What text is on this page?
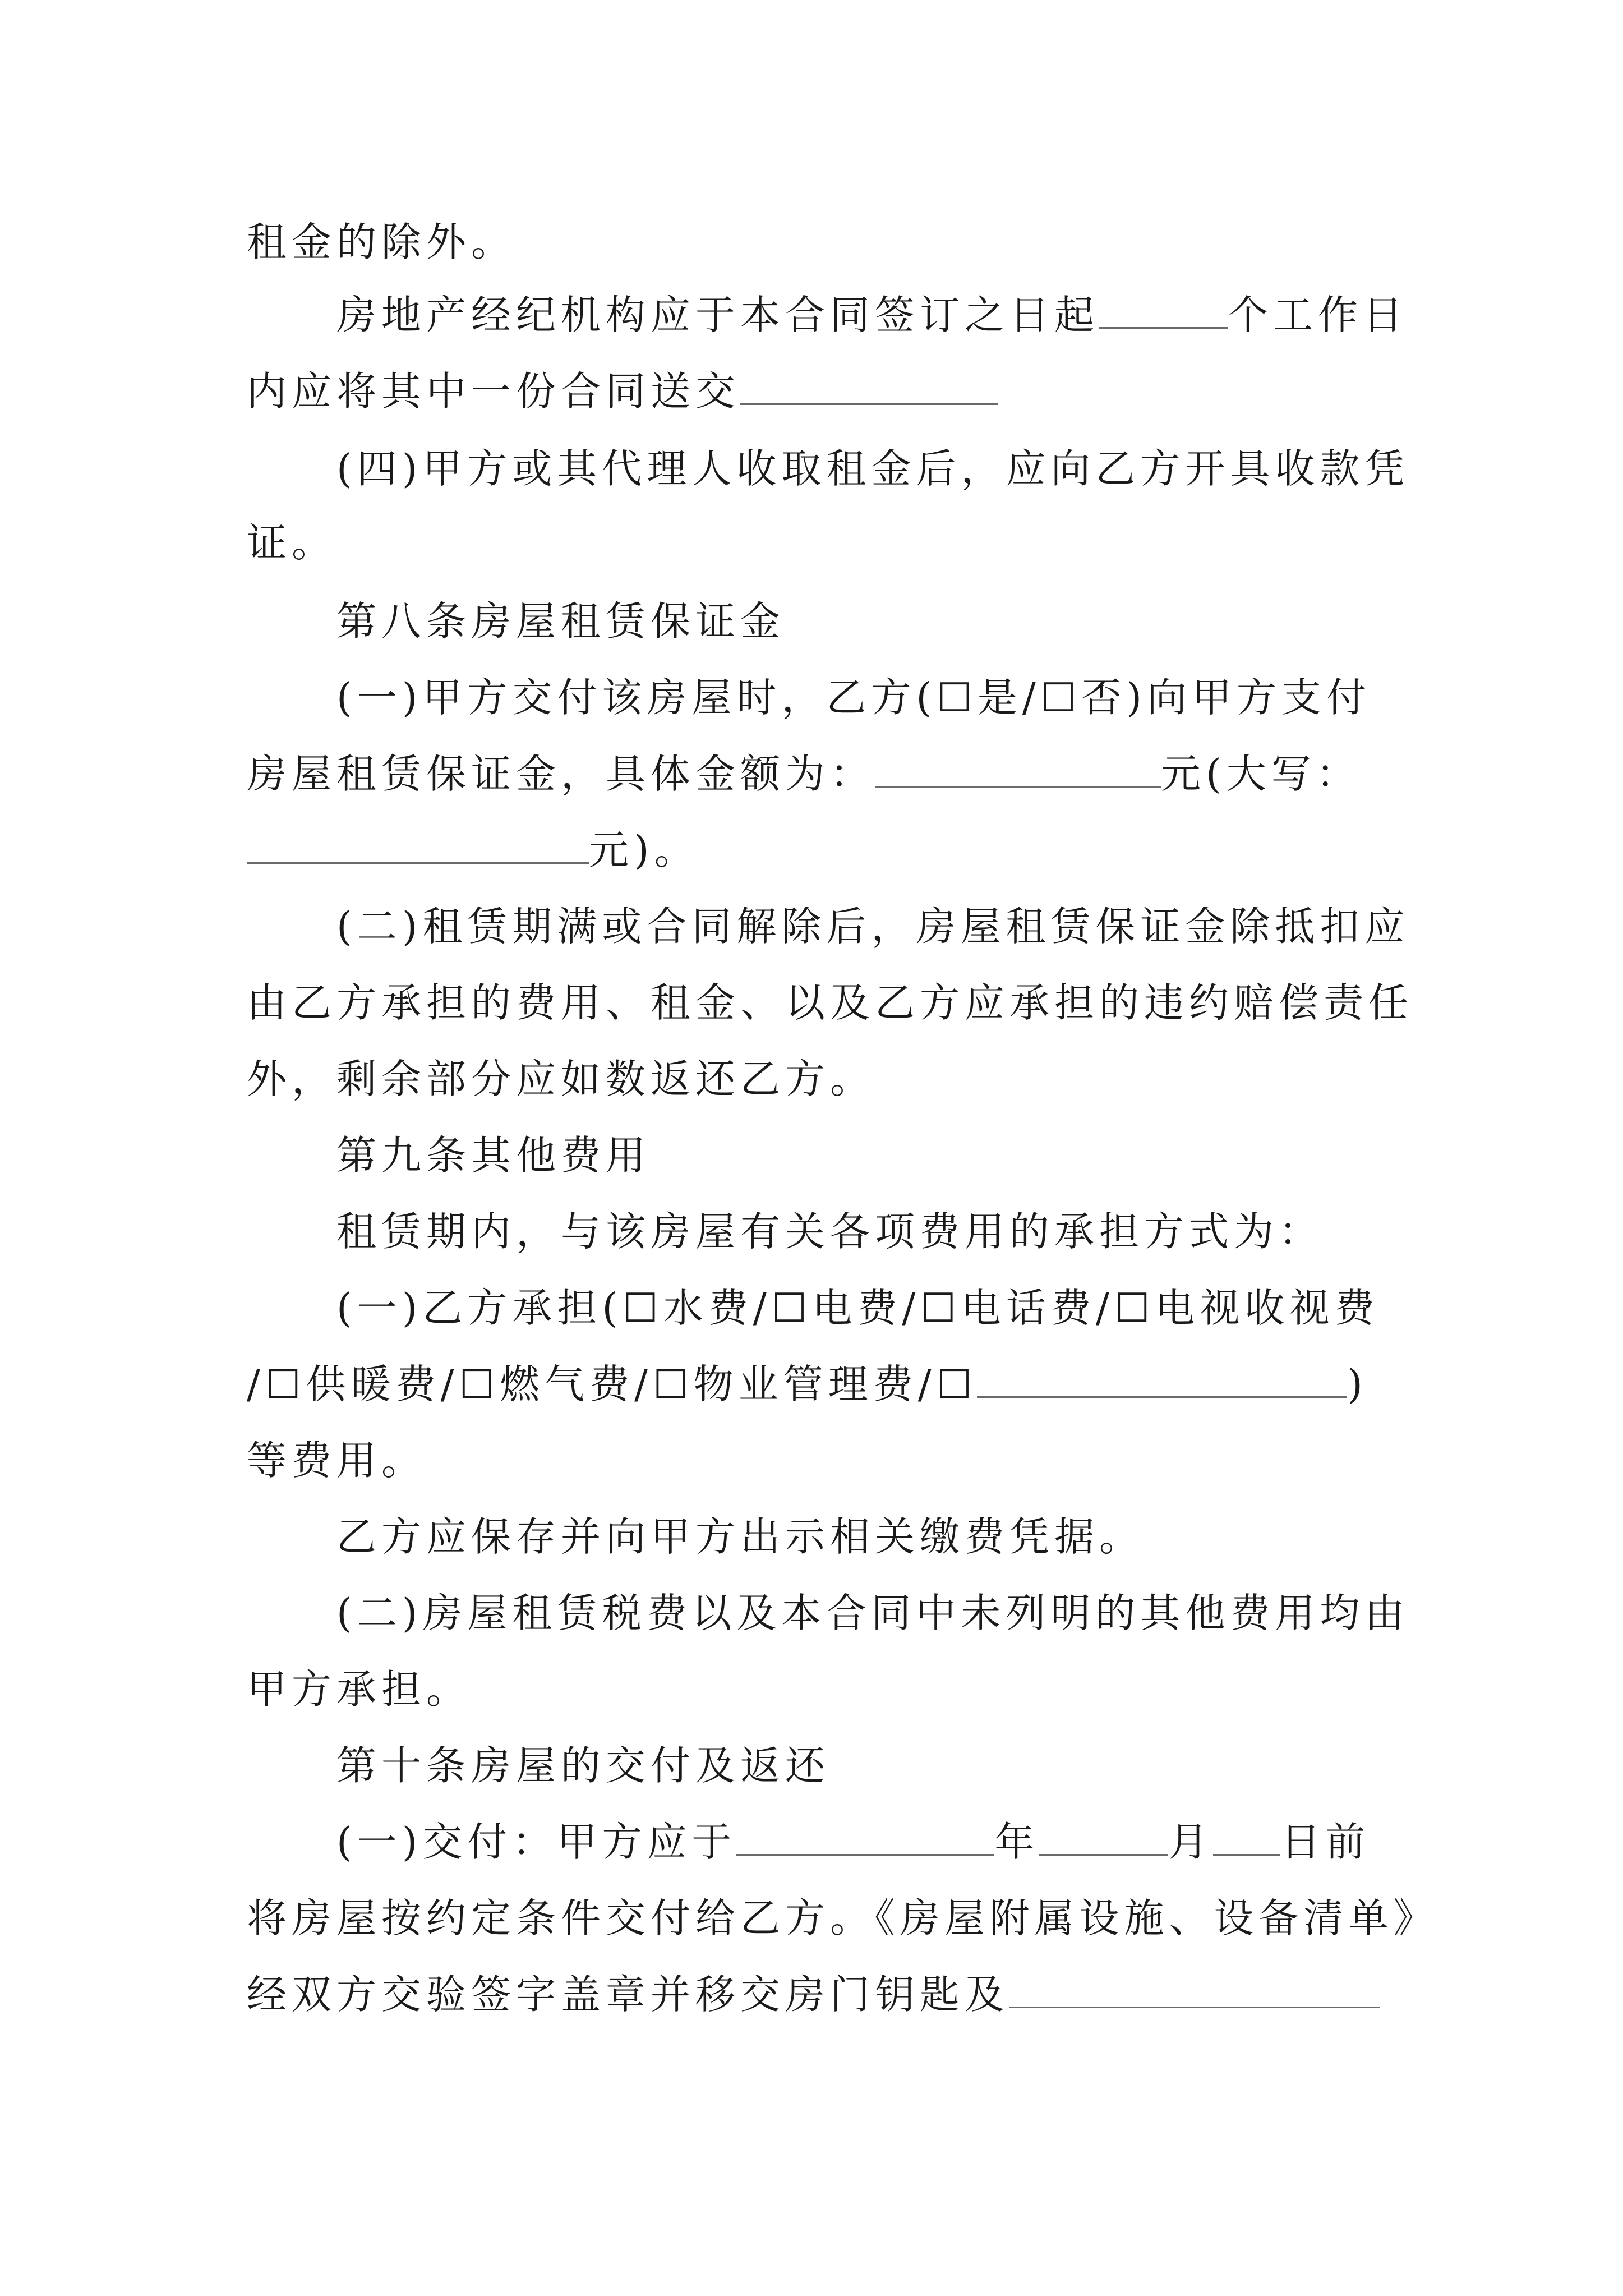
租金的除外。
房地产经纪机构应于本合同签订之日起	个工作日
内应将其中一份合同送交
(四)甲方或其代理人收取租金后，应向乙方开具收款凭
证。
第八条房屋租赁保证金
(一)甲方交付该房屋时，乙方(☐是/☐否)向甲方支付
房屋租赁保证金，具体金额为：	元(大写：
元)。
(二)租赁期满或合同解除后，房屋租赁保证金除抵扣应
由乙方承担的费用、租金、以及乙方应承担的违约赔偿责任
外，剩余部分应如数返还乙方。
第九条其他费用
租赁期内，与该房屋有关各项费用的承担方式为：
(一)乙方承担(☐水费/☐电费/☐电话费/☐电视收视费
/☐供暖费/☐燃气费/☐物业管理费/☐	)
等费用。
乙方应保存并向甲方出示相关缴费凭据。
(二)房屋租赁税费以及本合同中未列明的其他费用均由
甲方承担。
第十条房屋的交付及返还
(一)交付：甲方应于	年	月 日前
将房屋按约定条件交付给乙方。《房屋附属设施、设备清单》
经双方交验签字盖章并移交房门钥匙及
